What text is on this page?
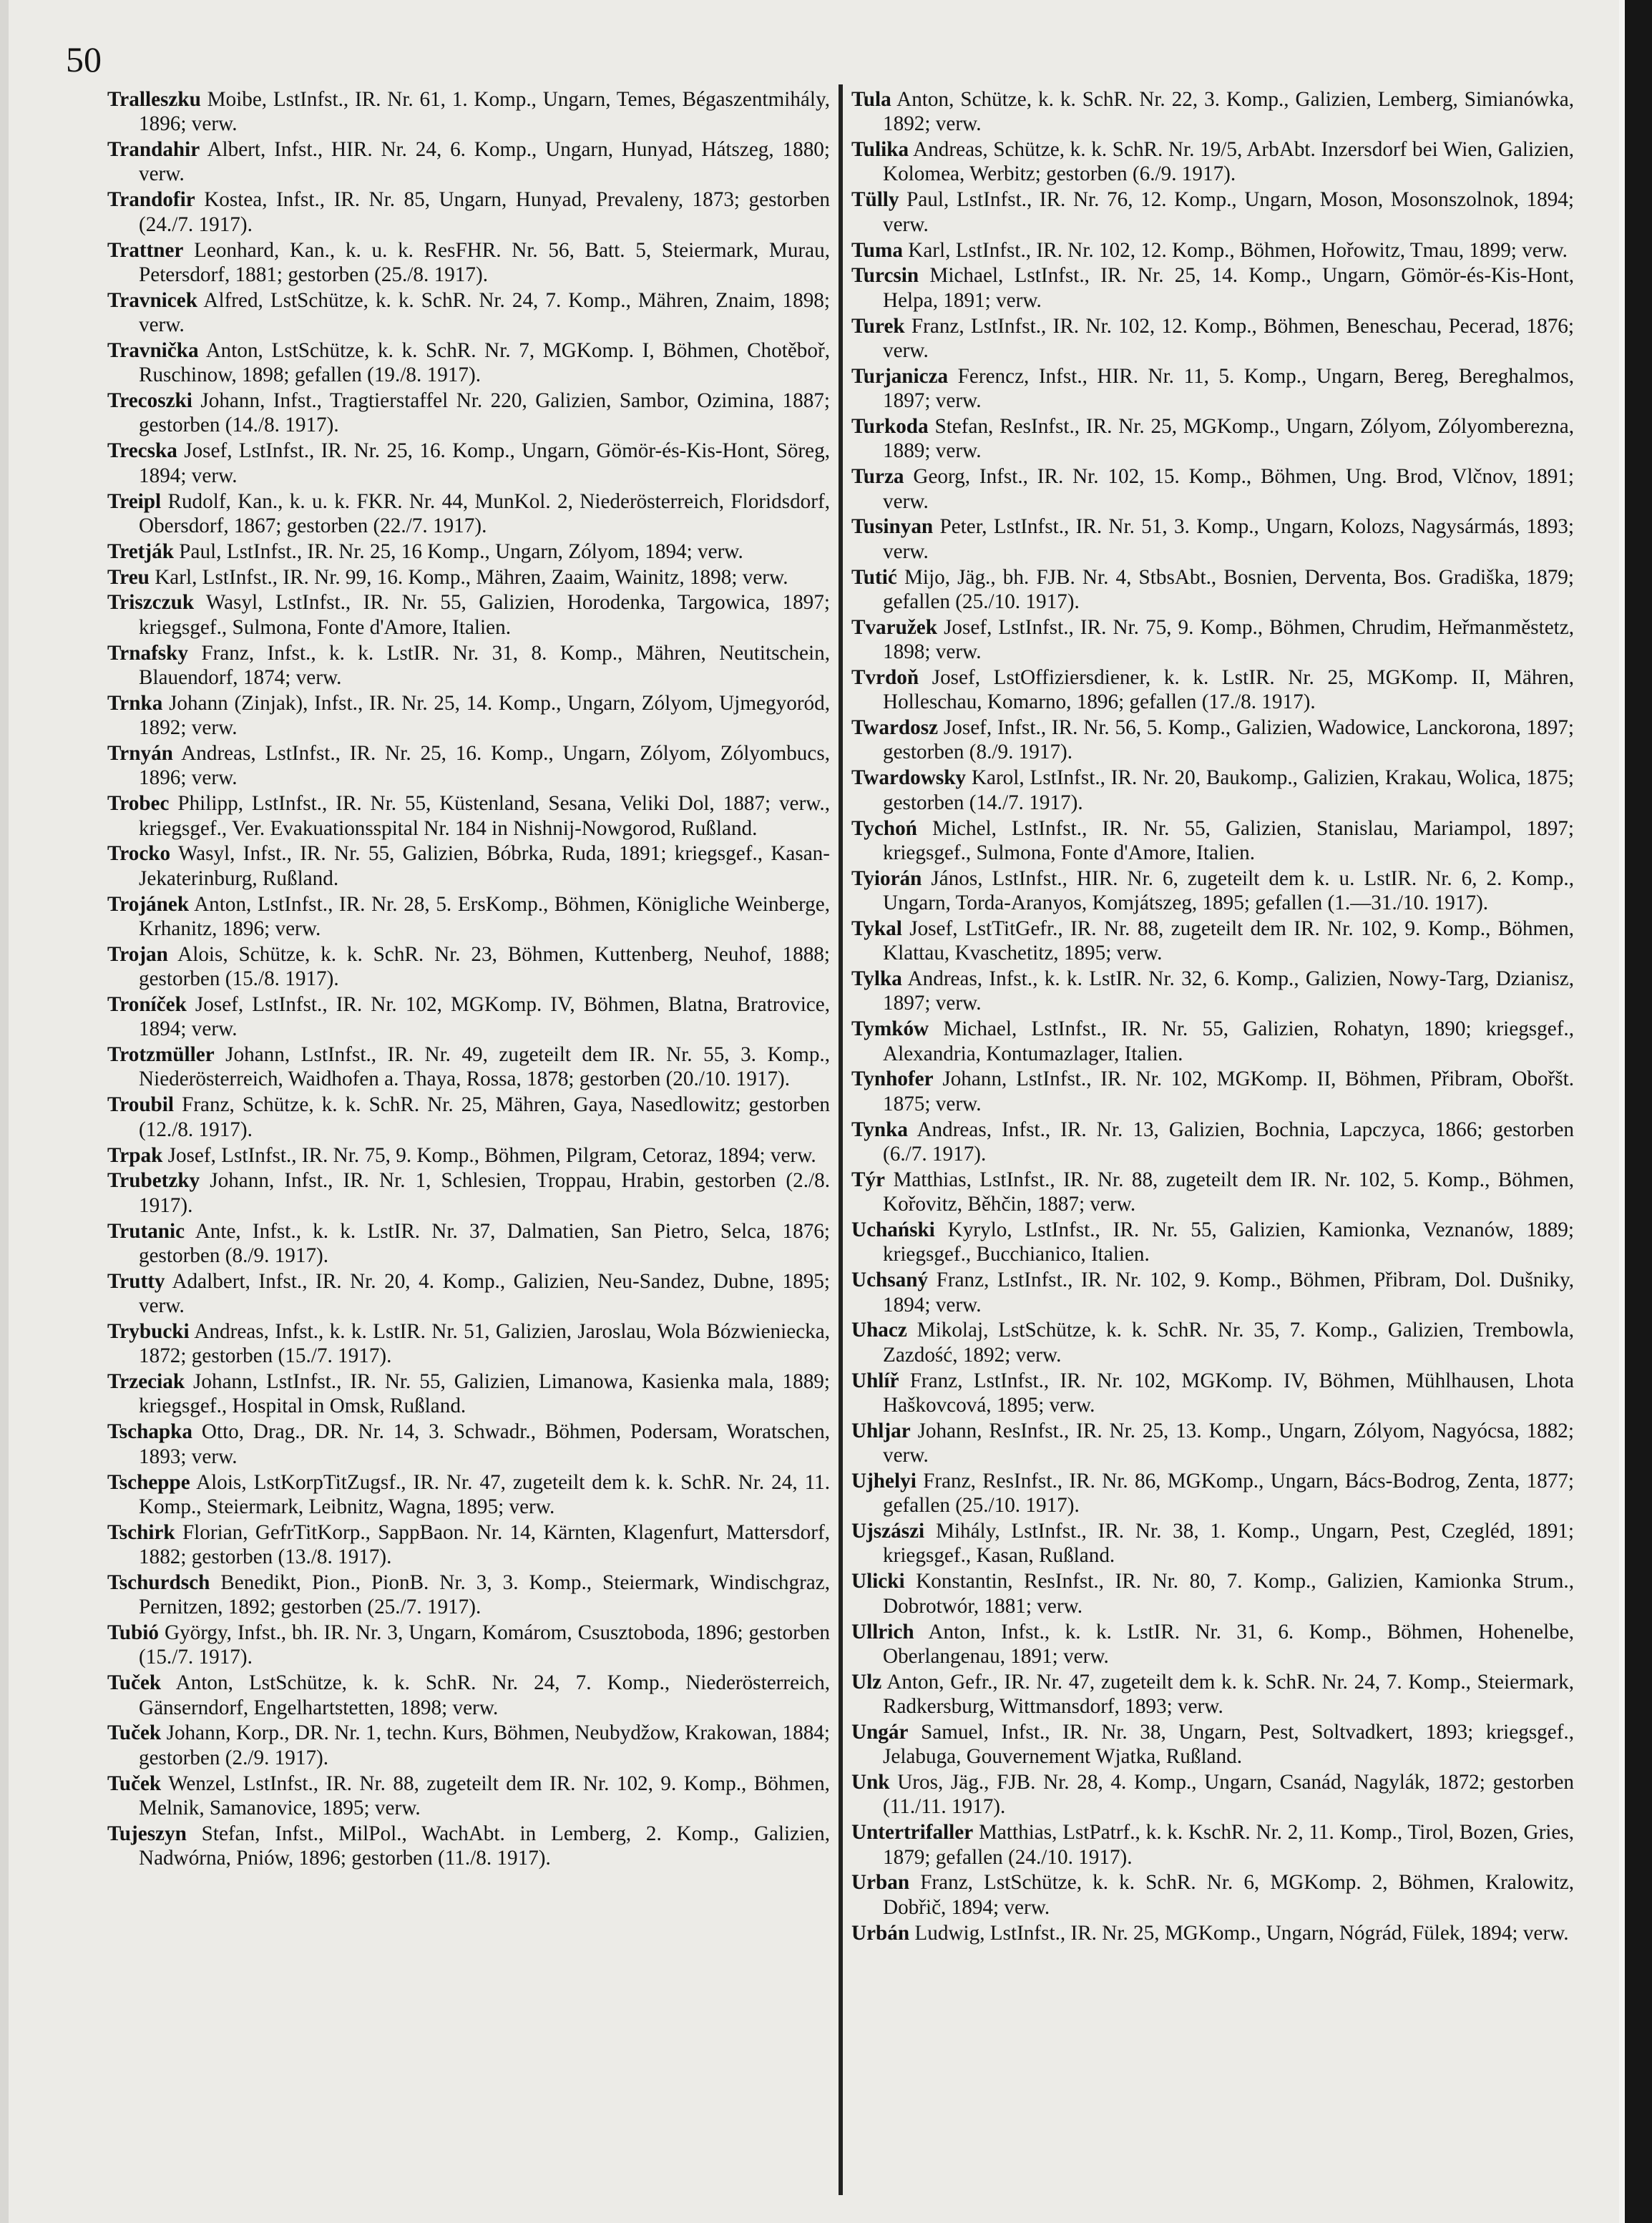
50

Tralleszku Moibe, LstInfst., IR. Nr. 61, 1. Komp., Ungarn, Temes, Bégaszentmihály, 1896; verw.

Trandahir Albert, Infst., HIR. Nr. 24, 6. Komp., Ungarn, Hunyad, Hátszeg, 1880; verw.

Trandofir Kostea, Infst., IR. Nr. 85, Ungarn, Hunyad, Prevaleny, 1873; gestorben (24./7. 1917).

Trattner Leonhard, Kan., k. u. k. ResFHR. Nr. 56, Batt. 5, Steiermark, Murau, Petersdorf, 1881; gestorben (25./8. 1917).

Travnicek Alfred, LstSchütze, k. k. SchR. Nr. 24, 7. Komp., Mähren, Znaim, 1898; verw.

Travnička Anton, LstSchütze, k. k. SchR. Nr. 7, MGKomp. I, Böhmen, Chotěboř, Ruschinow, 1898; gefallen (19./8. 1917).

Trecoszki Johann, Infst., Tragtierstaffel Nr. 220, Galizien, Sambor, Ozimina, 1887; gestorben (14./8. 1917).

Trecska Josef, LstInfst., IR. Nr. 25, 16. Komp., Ungarn, Gömör-és-Kis-Hont, Söreg, 1894; verw.

Treipl Rudolf, Kan., k. u. k. FKR. Nr. 44, MunKol. 2, Niederösterreich, Floridsdorf, Obersdorf, 1867; gestorben (22./7. 1917).

Tretják Paul, LstInfst., IR. Nr. 25, 16 Komp., Ungarn, Zólyom, 1894; verw.

Treu Karl, LstInfst., IR. Nr. 99, 16. Komp., Mähren, Zaaim, Wainitz, 1898; verw.

Triszczuk Wasyl, LstInfst., IR. Nr. 55, Galizien, Horodenka, Targowica, 1897; kriegsgef., Sulmona, Fonte d'Amore, Italien.

Trnafsky Franz, Infst., k. k. LstIR. Nr. 31, 8. Komp., Mähren, Neutitschein, Blauendorf, 1874; verw.

Trnka Johann (Zinjak), Infst., IR. Nr. 25, 14. Komp., Ungarn, Zólyom, Ujmegyoród, 1892; verw.

Trnyán Andreas, LstInfst., IR. Nr. 25, 16. Komp., Ungarn, Zólyom, Zólyombucs, 1896; verw.

Trobec Philipp, LstInfst., IR. Nr. 55, Küstenland, Sesana, Veliki Dol, 1887; verw., kriegsgef., Ver. Evakuationsspital Nr. 184 in Nishnij-Nowgorod, Rußland.

Trocko Wasyl, Infst., IR. Nr. 55, Galizien, Bóbrka, Ruda, 1891; kriegsgef., Kasan-Jekaterinburg, Rußland.

Trojánek Anton, LstInfst., IR. Nr. 28, 5. ErsKomp., Böhmen, Königliche Weinberge, Krhanitz, 1896; verw.

Trojan Alois, Schütze, k. k. SchR. Nr. 23, Böhmen, Kuttenberg, Neuhof, 1888; gestorben (15./8. 1917).

Troníček Josef, LstInfst., IR. Nr. 102, MGKomp. IV, Böhmen, Blatna, Bratrovice, 1894; verw.

Trotzmüller Johann, LstInfst., IR. Nr. 49, zugeteilt dem IR. Nr. 55, 3. Komp., Niederösterreich, Waidhofen a. Thaya, Rossa, 1878; gestorben (20./10. 1917).

Troubil Franz, Schütze, k. k. SchR. Nr. 25, Mähren, Gaya, Nasedlowitz; gestorben (12./8. 1917).

Trpak Josef, LstInfst., IR. Nr. 75, 9. Komp., Böhmen, Pilgram, Cetoraz, 1894; verw.

Trubetzky Johann, Infst., IR. Nr. 1, Schlesien, Troppau, Hrabin, gestorben (2./8. 1917).

Trutanic Ante, Infst., k. k. LstIR. Nr. 37, Dalmatien, San Pietro, Selca, 1876; gestorben (8./9. 1917).

Trutty Adalbert, Infst., IR. Nr. 20, 4. Komp., Galizien, Neu-Sandez, Dubne, 1895; verw.

Trybucki Andreas, Infst., k. k. LstIR. Nr. 51, Galizien, Jaroslau, Wola Bózwieniecka, 1872; gestorben (15./7. 1917).

Trzeciak Johann, LstInfst., IR. Nr. 55, Galizien, Limanowa, Kasienka mala, 1889; kriegsgef., Hospital in Omsk, Rußland.

Tschapka Otto, Drag., DR. Nr. 14, 3. Schwadr., Böhmen, Podersam, Woratschen, 1893; verw.

Tscheppe Alois, LstKorpTitZugsf., IR. Nr. 47, zugeteilt dem k. k. SchR. Nr. 24, 11. Komp., Steiermark, Leibnitz, Wagna, 1895; verw.

Tschirk Florian, GefrTitKorp., SappBaon. Nr. 14, Kärnten, Klagenfurt, Mattersdorf, 1882; gestorben (13./8. 1917).

Tschurdsch Benedikt, Pion., PionB. Nr. 3, 3. Komp., Steiermark, Windischgraz, Pernitzen, 1892; gestorben (25./7. 1917).

Tubió György, Infst., bh. IR. Nr. 3, Ungarn, Komárom, Csusztoboda, 1896; gestorben (15./7. 1917).

Tuček Anton, LstSchütze, k. k. SchR. Nr. 24, 7. Komp., Niederösterreich, Gänserndorf, Engelhartstetten, 1898; verw.

Tuček Johann, Korp., DR. Nr. 1, techn. Kurs, Böhmen, Neubydžow, Krakowan, 1884; gestorben (2./9. 1917).

Tuček Wenzel, LstInfst., IR. Nr. 88, zugeteilt dem IR. Nr. 102, 9. Komp., Böhmen, Melnik, Samanovice, 1895; verw.

Tujeszyn Stefan, Infst., MilPol., WachAbt. in Lemberg, 2. Komp., Galizien, Nadwórna, Pniów, 1896; gestorben (11./8. 1917).

Tula Anton, Schütze, k. k. SchR. Nr. 22, 3. Komp., Galizien, Lemberg, Simianówka, 1892; verw.

Tulika Andreas, Schütze, k. k. SchR. Nr. 19/5, ArbAbt. Inzersdorf bei Wien, Galizien, Kolomea, Werbitz; gestorben (6./9. 1917).

Tülly Paul, LstInfst., IR. Nr. 76, 12. Komp., Ungarn, Moson, Mosonszolnok, 1894; verw.

Tuma Karl, LstInfst., IR. Nr. 102, 12. Komp., Böhmen, Hořowitz, Tmau, 1899; verw.

Turcsin Michael, LstInfst., IR. Nr. 25, 14. Komp., Ungarn, Gömör-és-Kis-Hont, Helpa, 1891; verw.

Turek Franz, LstInfst., IR. Nr. 102, 12. Komp., Böhmen, Beneschau, Pecerad, 1876; verw.

Turjanicza Ferencz, Infst., HIR. Nr. 11, 5. Komp., Ungarn, Bereg, Bereghalmos, 1897; verw.

Turkoda Stefan, ResInfst., IR. Nr. 25, MGKomp., Ungarn, Zólyom, Zólyomberezna, 1889; verw.

Turza Georg, Infst., IR. Nr. 102, 15. Komp., Böhmen, Ung. Brod, Vlčnov, 1891; verw.

Tusinyan Peter, LstInfst., IR. Nr. 51, 3. Komp., Ungarn, Kolozs, Nagysármás, 1893; verw.

Tutić Mijo, Jäg., bh. FJB. Nr. 4, StbsAbt., Bosnien, Derventa, Bos. Gradiška, 1879; gefallen (25./10. 1917).

Tvaružek Josef, LstInfst., IR. Nr. 75, 9. Komp., Böhmen, Chrudim, Heřmanměstetz, 1898; verw.

Tvrdoň Josef, LstOffiziersdiener, k. k. LstIR. Nr. 25, MGKomp. II, Mähren, Holleschau, Komarno, 1896; gefallen (17./8. 1917).

Twardosz Josef, Infst., IR. Nr. 56, 5. Komp., Galizien, Wadowice, Lanckorona, 1897; gestorben (8./9. 1917).

Twardowsky Karol, LstInfst., IR. Nr. 20, Baukomp., Galizien, Krakau, Wolica, 1875; gestorben (14./7. 1917).

Tychoń Michel, LstInfst., IR. Nr. 55, Galizien, Stanislau, Mariampol, 1897; kriegsgef., Sulmona, Fonte d'Amore, Italien.

Tyiorán János, LstInfst., HIR. Nr. 6, zugeteilt dem k. u. LstIR. Nr. 6, 2. Komp., Ungarn, Torda-Aranyos, Komjátszeg, 1895; gefallen (1.—31./10. 1917).

Tykal Josef, LstTitGefr., IR. Nr. 88, zugeteilt dem IR. Nr. 102, 9. Komp., Böhmen, Klattau, Kvaschetitz, 1895; verw.

Tylka Andreas, Infst., k. k. LstIR. Nr. 32, 6. Komp., Galizien, Nowy-Targ, Dzianisz, 1897; verw.

Tymków Michael, LstInfst., IR. Nr. 55, Galizien, Rohatyn, 1890; kriegsgef., Alexandria, Kontumazlager, Italien.

Tynhofer Johann, LstInfst., IR. Nr. 102, MGKomp. II, Böhmen, Přibram, Obořšt. 1875; verw.

Tynka Andreas, Infst., IR. Nr. 13, Galizien, Bochnia, Lapczyca, 1866; gestorben (6./7. 1917).

Týr Matthias, LstInfst., IR. Nr. 88, zugeteilt dem IR. Nr. 102, 5. Komp., Böhmen, Kořovitz, Běhčin, 1887; verw.

Uchański Kyrylo, LstInfst., IR. Nr. 55, Galizien, Kamionka, Veznanów, 1889; kriegsgef., Bucchianico, Italien.

Uchsaný Franz, LstInfst., IR. Nr. 102, 9. Komp., Böhmen, Přibram, Dol. Dušniky, 1894; verw.

Uhacz Mikolaj, LstSchütze, k. k. SchR. Nr. 35, 7. Komp., Galizien, Trembowla, Zazdość, 1892; verw.

Uhlíř Franz, LstInfst., IR. Nr. 102, MGKomp. IV, Böhmen, Mühlhausen, Lhota Haškovcová, 1895; verw.

Uhljar Johann, ResInfst., IR. Nr. 25, 13. Komp., Ungarn, Zólyom, Nagyócsa, 1882; verw.

Ujhelyi Franz, ResInfst., IR. Nr. 86, MGKomp., Ungarn, Bács-Bodrog, Zenta, 1877; gefallen (25./10. 1917).

Ujszászi Mihály, LstInfst., IR. Nr. 38, 1. Komp., Ungarn, Pest, Czegléd, 1891; kriegsgef., Kasan, Rußland.

Ulicki Konstantin, ResInfst., IR. Nr. 80, 7. Komp., Galizien, Kamionka Strum., Dobrotwór, 1881; verw.

Ullrich Anton, Infst., k. k. LstIR. Nr. 31, 6. Komp., Böhmen, Hohenelbe, Oberlangenau, 1891; verw.

Ulz Anton, Gefr., IR. Nr. 47, zugeteilt dem k. k. SchR. Nr. 24, 7. Komp., Steiermark, Radkersburg, Wittmansdorf, 1893; verw.

Ungár Samuel, Infst., IR. Nr. 38, Ungarn, Pest, Soltvadkert, 1893; kriegsgef., Jelabuga, Gouvernement Wjatka, Rußland.

Unk Uros, Jäg., FJB. Nr. 28, 4. Komp., Ungarn, Csanád, Nagylák, 1872; gestorben (11./11. 1917).

Untertrifaller Matthias, LstPatrf., k. k. KschR. Nr. 2, 11. Komp., Tirol, Bozen, Gries, 1879; gefallen (24./10. 1917).

Urban Franz, LstSchütze, k. k. SchR. Nr. 6, MGKomp. 2, Böhmen, Kralowitz, Dobřič, 1894; verw.

Urbán Ludwig, LstInfst., IR. Nr. 25, MGKomp., Ungarn, Nógrád, Fülek, 1894; verw.
